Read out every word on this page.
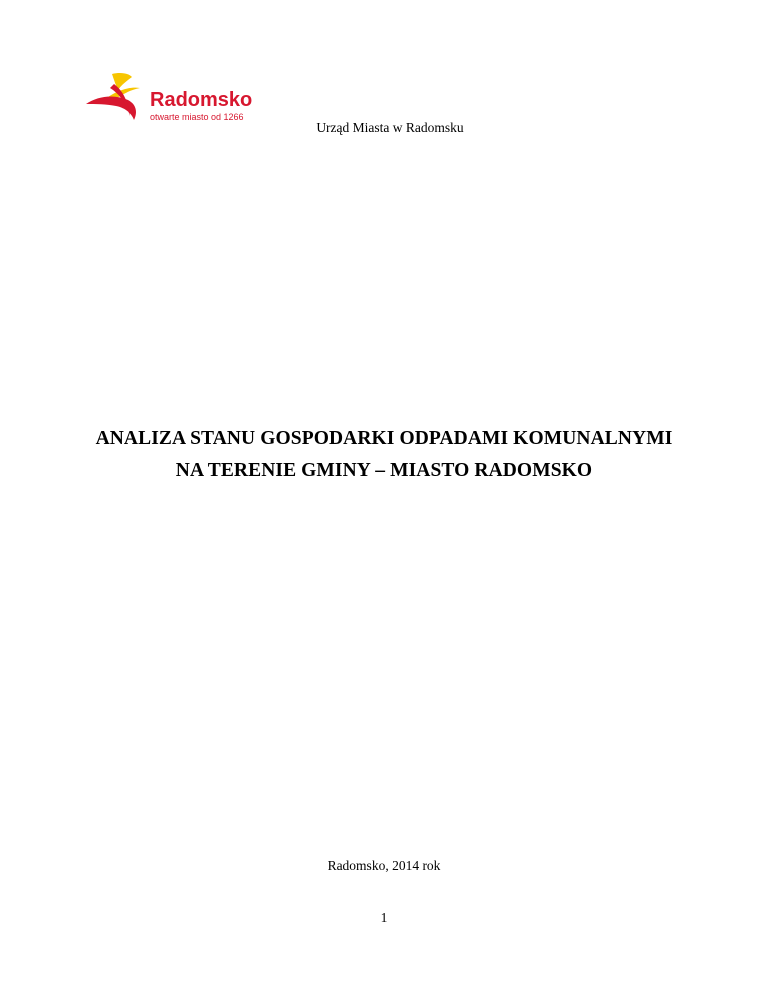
Radomsko
otwarte miasto od 1266
Urząd Miasta w Radomsku
ANALIZA STANU GOSPODARKI ODPADAMI KOMUNALNYMI
NA TERENIE GMINY – MIASTO RADOMSKO
Radomsko, 2014 rok
1
